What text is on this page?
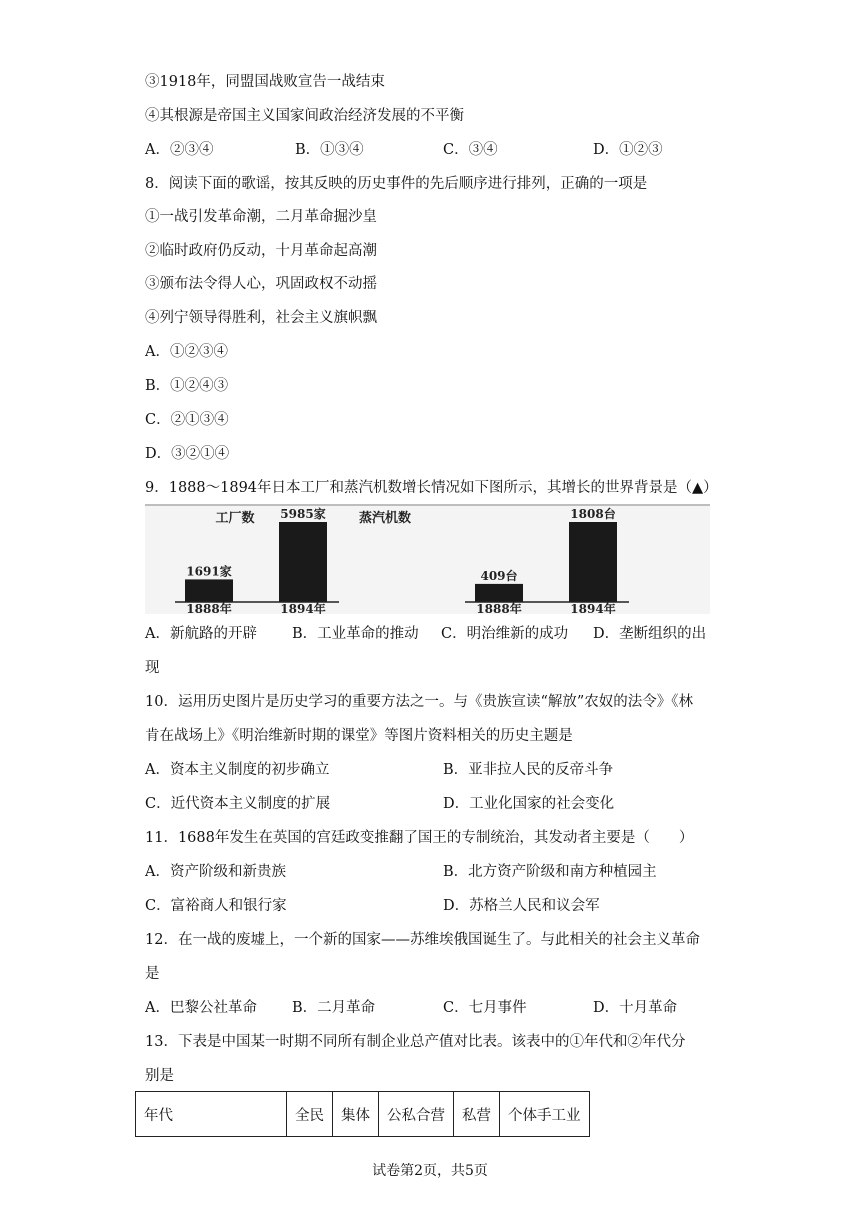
③1918年，同盟国战败宣告一战结束
④其根源是帝国主义国家间政治经济发展的不平衡
A．②③④	B．①③④	C．③④	D．①②③
8．阅读下面的歌谣，按其反映的历史事件的先后顺序进行排列，正确的一项是
①一战引发革命潮，二月革命掘沙皇
②临时政府仍反动，十月革命起高潮
③颁布法令得人心，巩固政权不动摇
④列宁领导得胜利，社会主义旗帜飘
A．①②③④
B．①②④③
C．②①③④
D．③②①④
9．1888～1894年日本工厂和蒸汽机数增长情况如下图所示，其增长的世界背景是（▲）
工厂数
1691家
1888年
5985家
1894年
蒸汽机数
409台
1888年
1808台
1894年
A．新航路的开辟 B．工业革命的推动 C．明治维新的成功 D．垄断组织的出
现
10．运用历史图片是历史学习的重要方法之一。与《贵族宣读“解放”农奴的法令》《林
肯在战场上》《明治维新时期的课堂》等图片资料相关的历史主题是
A．资本主义制度的初步确立	B．亚非拉人民的反帝斗争
C．近代资本主义制度的扩展	D．工业化国家的社会变化
11．1688年发生在英国的宫廷政变推翻了国王的专制统治，其发动者主要是（　　）
A．资产阶级和新贵族	B．北方资产阶级和南方种植园主
C．富裕商人和银行家	D．苏格兰人民和议会军
12．在一战的废墟上，一个新的国家——苏维埃俄国诞生了。与此相关的社会主义革命
是
A．巴黎公社革命 B．二月革命	C．七月事件	D．十月革命
13．下表是中国某一时期不同所有制企业总产值对比表。该表中的①年代和②年代分
别是
年代	全民	集体	公私合营	私营	个体手工业
试卷第2页，共5页
